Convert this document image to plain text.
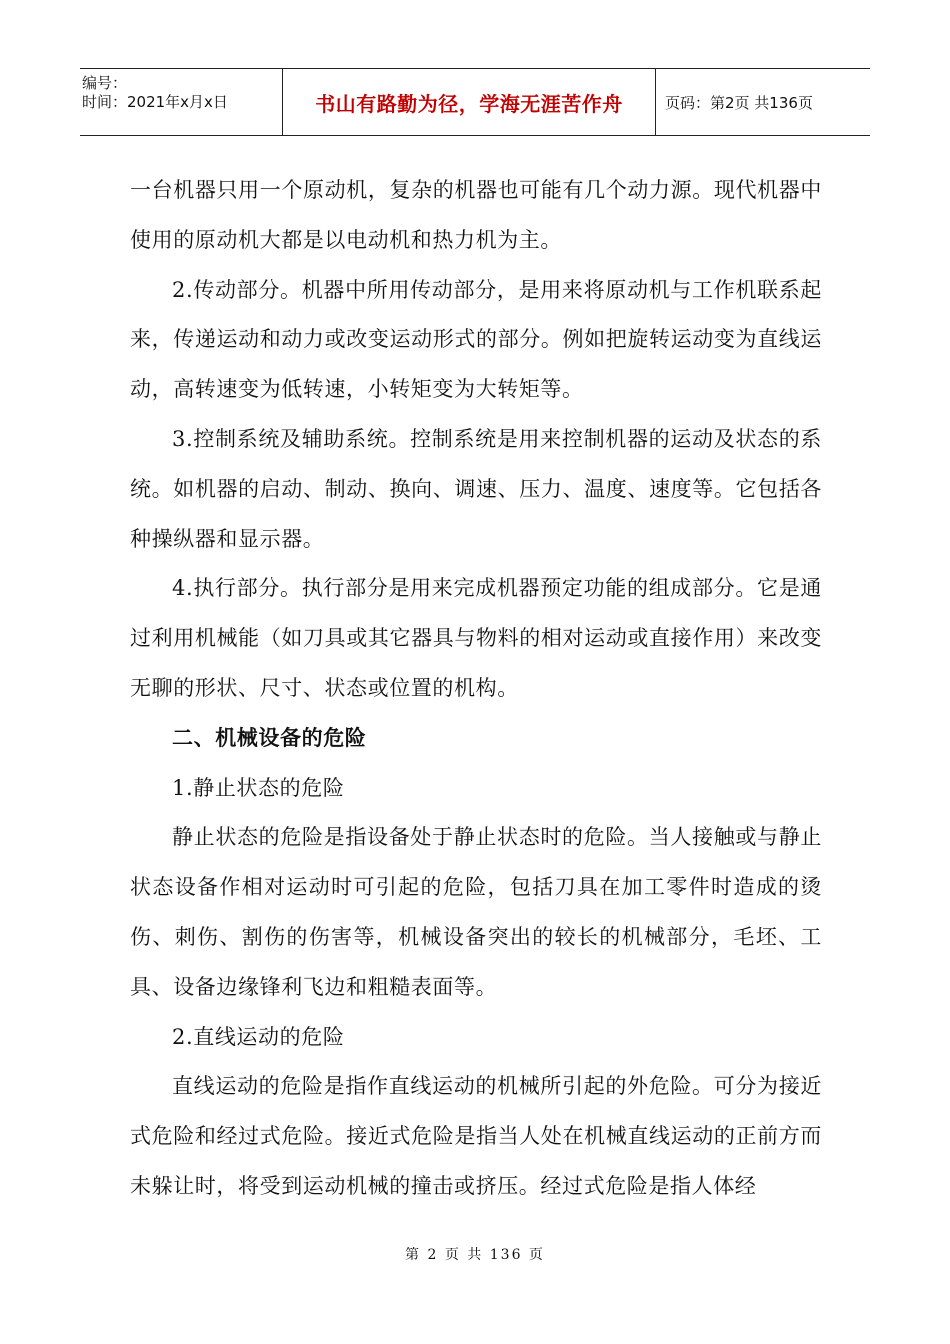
编号：
时间：2021年x月x日	书山有路勤为径，学海无涯苦作舟	页码：第2页 共136页

一台机器只用一个原动机，复杂的机器也可能有几个动力源。现代机器中使用的原动机大都是以电动机和热力机为主。

2.传动部分。机器中所用传动部分，是用来将原动机与工作机联系起来，传递运动和动力或改变运动形式的部分。例如把旋转运动变为直线运动，高转速变为低转速，小转矩变为大转矩等。

3.控制系统及辅助系统。控制系统是用来控制机器的运动及状态的系统。如机器的启动、制动、换向、调速、压力、温度、速度等。它包括各种操纵器和显示器。

4.执行部分。执行部分是用来完成机器预定功能的组成部分。它是通过利用机械能（如刀具或其它器具与物料的相对运动或直接作用）来改变无聊的形状、尺寸、状态或位置的机构。

二、机械设备的危险

1.静止状态的危险

静止状态的危险是指设备处于静止状态时的危险。当人接触或与静止状态设备作相对运动时可引起的危险，包括刀具在加工零件时造成的烫伤、刺伤、割伤的伤害等，机械设备突出的较长的机械部分，毛坯、工具、设备边缘锋利飞边和粗糙表面等。

2.直线运动的危险

直线运动的危险是指作直线运动的机械所引起的外危险。可分为接近式危险和经过式危险。接近式危险是指当人处在机械直线运动的正前方而未躲让时，将受到运动机械的撞击或挤压。经过式危险是指人体经

第 2 页 共 136 页
